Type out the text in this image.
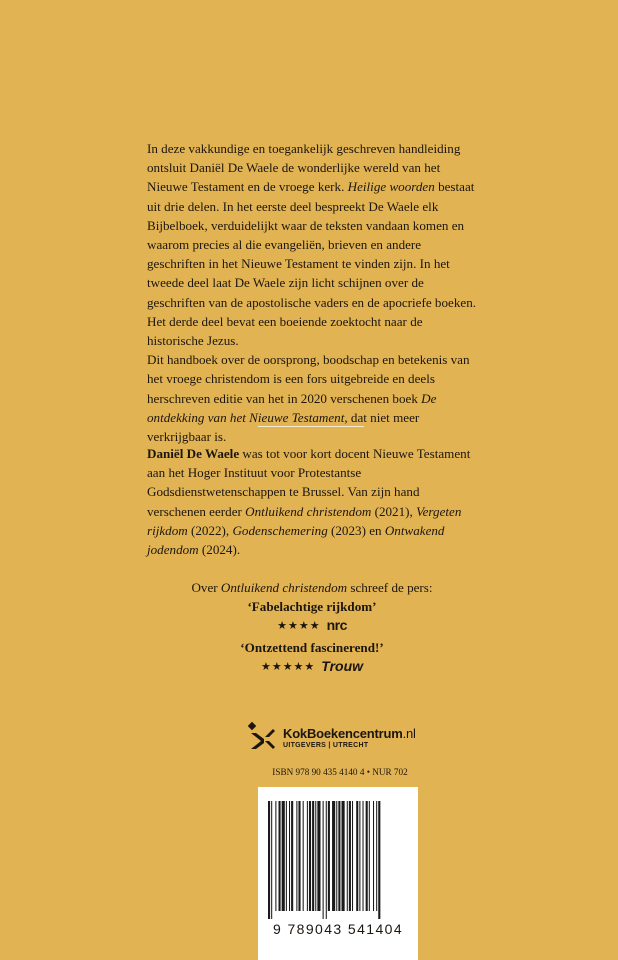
In deze vakkundige en toegankelijk geschreven handleiding ontsluit Daniël De Waele de wonderlijke wereld van het Nieuwe Testament en de vroege kerk. Heilige woorden bestaat uit drie delen. In het eerste deel bespreekt De Waele elk Bijbelboek, verduidelijkt waar de teksten vandaan komen en waarom precies al die evangeliën, brieven en andere geschriften in het Nieuwe Testament te vinden zijn. In het tweede deel laat De Waele zijn licht schijnen over de geschriften van de apostolische vaders en de apocriefe boeken. Het derde deel bevat een boeiende zoektocht naar de historische Jezus.

Dit handboek over de oorsprong, boodschap en betekenis van het vroege christendom is een fors uitgebreide en deels herschreven editie van het in 2020 verschenen boek De ontdekking van het Nieuwe Testament, dat niet meer verkrijgbaar is.

Daniël De Waele was tot voor kort docent Nieuwe Testament aan het Hoger Instituut voor Protestantse Godsdienstwetenschappen te Brussel. Van zijn hand verschenen eerder Ontluikend christendom (2021), Vergeten rijkdom (2022), Godenschemering (2023) en Ontwakend jodendom (2024).

Over Ontluikend christendom schreef de pers:

‘Fabelachtige rijkdom’

★★★★ nrc

‘Ontzettend fascinerend!’

★★★★★ Trouw
KokBoekencentrum.nl
UITGEVERS | UTRECHT
ISBN 978 90 435 4140 4 • NUR 702
9 789043 541404
